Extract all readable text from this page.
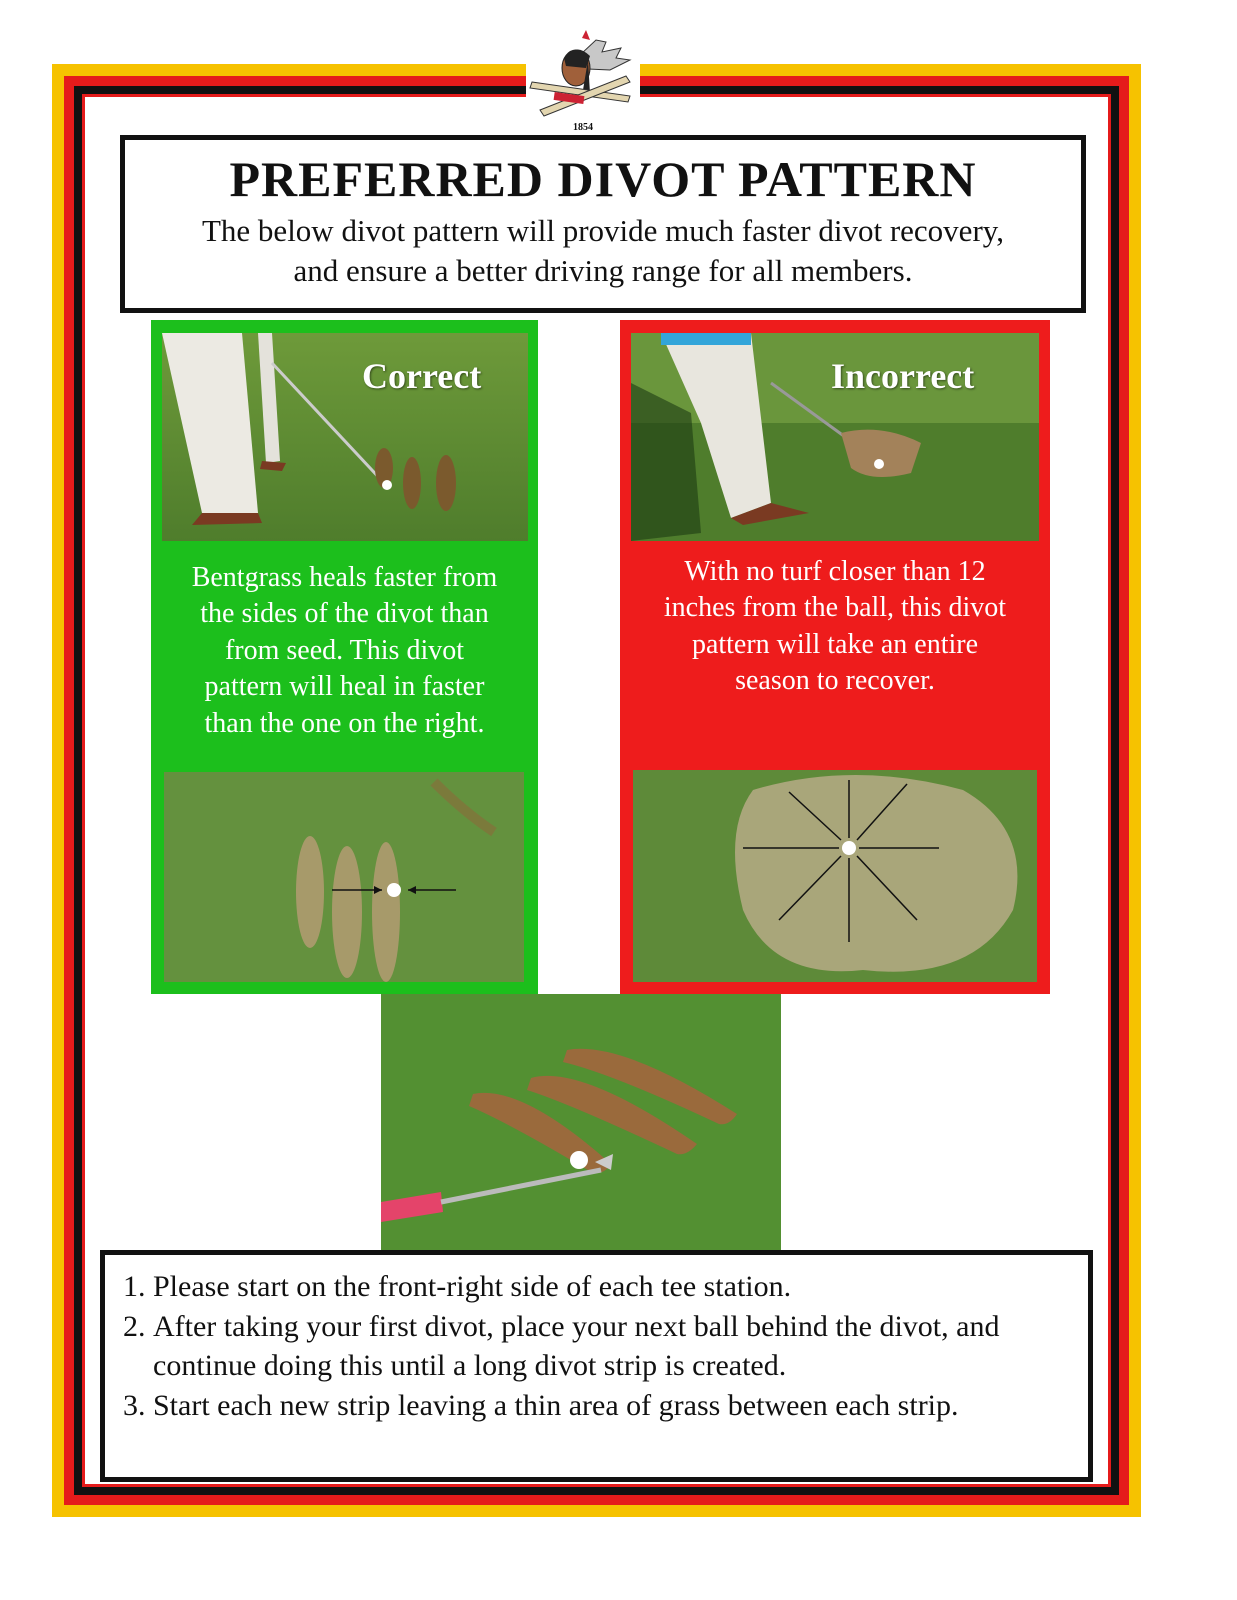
1854
PREFERRED DIVOT PATTERN

The below divot pattern will provide much faster divot recovery,
and ensure a better driving range for all members.

Correct
Bentgrass heals faster from
the sides of the divot than
from seed. This divot
pattern will heal in faster
than the one on the right.
Incorrect
With no turf closer than 12
inches from the ball, this divot
pattern will take an entire
season to recover.
1. Please start on the front-right side of each tee station.
2. After taking your first divot, place your next ball behind the divot, and continue doing this until a long divot strip is created.
3. Start each new strip leaving a thin area of grass between each strip.
